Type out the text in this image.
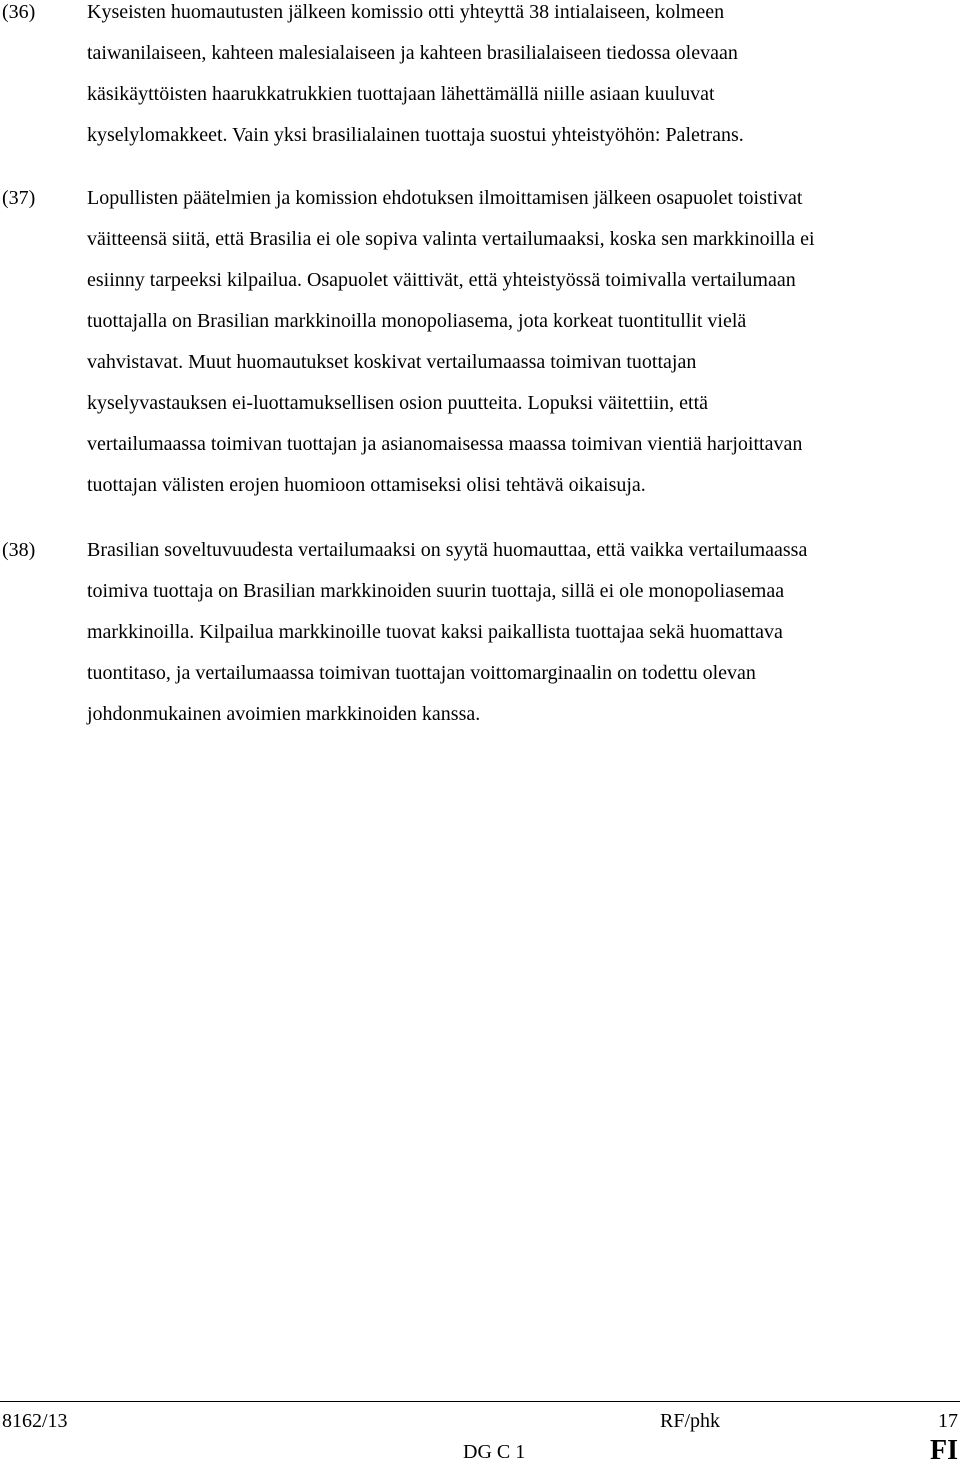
(36)	Kyseisten huomautusten jälkeen komissio otti yhteyttä 38 intialaiseen, kolmeen
taiwanilaiseen, kahteen malesialaiseen ja kahteen brasilialaiseen tiedossa olevaan
käsikäyttöisten haarukkatrukkien tuottajaan lähettämällä niille asiaan kuuluvat
kyselylomakkeet. Vain yksi brasilialainen tuottaja suostui yhteistyöhön: Paletrans.

(37)	Lopullisten päätelmien ja komission ehdotuksen ilmoittamisen jälkeen osapuolet toistivat
väitteensä siitä, että Brasilia ei ole sopiva valinta vertailumaaksi, koska sen markkinoilla ei
esiinny tarpeeksi kilpailua. Osapuolet väittivät, että yhteistyössä toimivalla vertailumaan
tuottajalla on Brasilian markkinoilla monopoliasema, jota korkeat tuontitullit vielä
vahvistavat. Muut huomautukset koskivat vertailumaassa toimivan tuottajan
kyselyvastauksen ei-luottamuksellisen osion puutteita. Lopuksi väitettiin, että
vertailumaassa toimivan tuottajan ja asianomaisessa maassa toimivan vientiä harjoittavan
tuottajan välisten erojen huomioon ottamiseksi olisi tehtävä oikaisuja.

(38)	Brasilian soveltuvuudesta vertailumaaksi on syytä huomauttaa, että vaikka vertailumaassa
toimiva tuottaja on Brasilian markkinoiden suurin tuottaja, sillä ei ole monopoliasemaa
markkinoilla. Kilpailua markkinoille tuovat kaksi paikallista tuottajaa sekä huomattava
tuontitaso, ja vertailumaassa toimivan tuottajan voittomarginaalin on todettu olevan
johdonmukainen avoimien markkinoiden kanssa.

8162/13	RF/phk	17
DG C 1	FI
